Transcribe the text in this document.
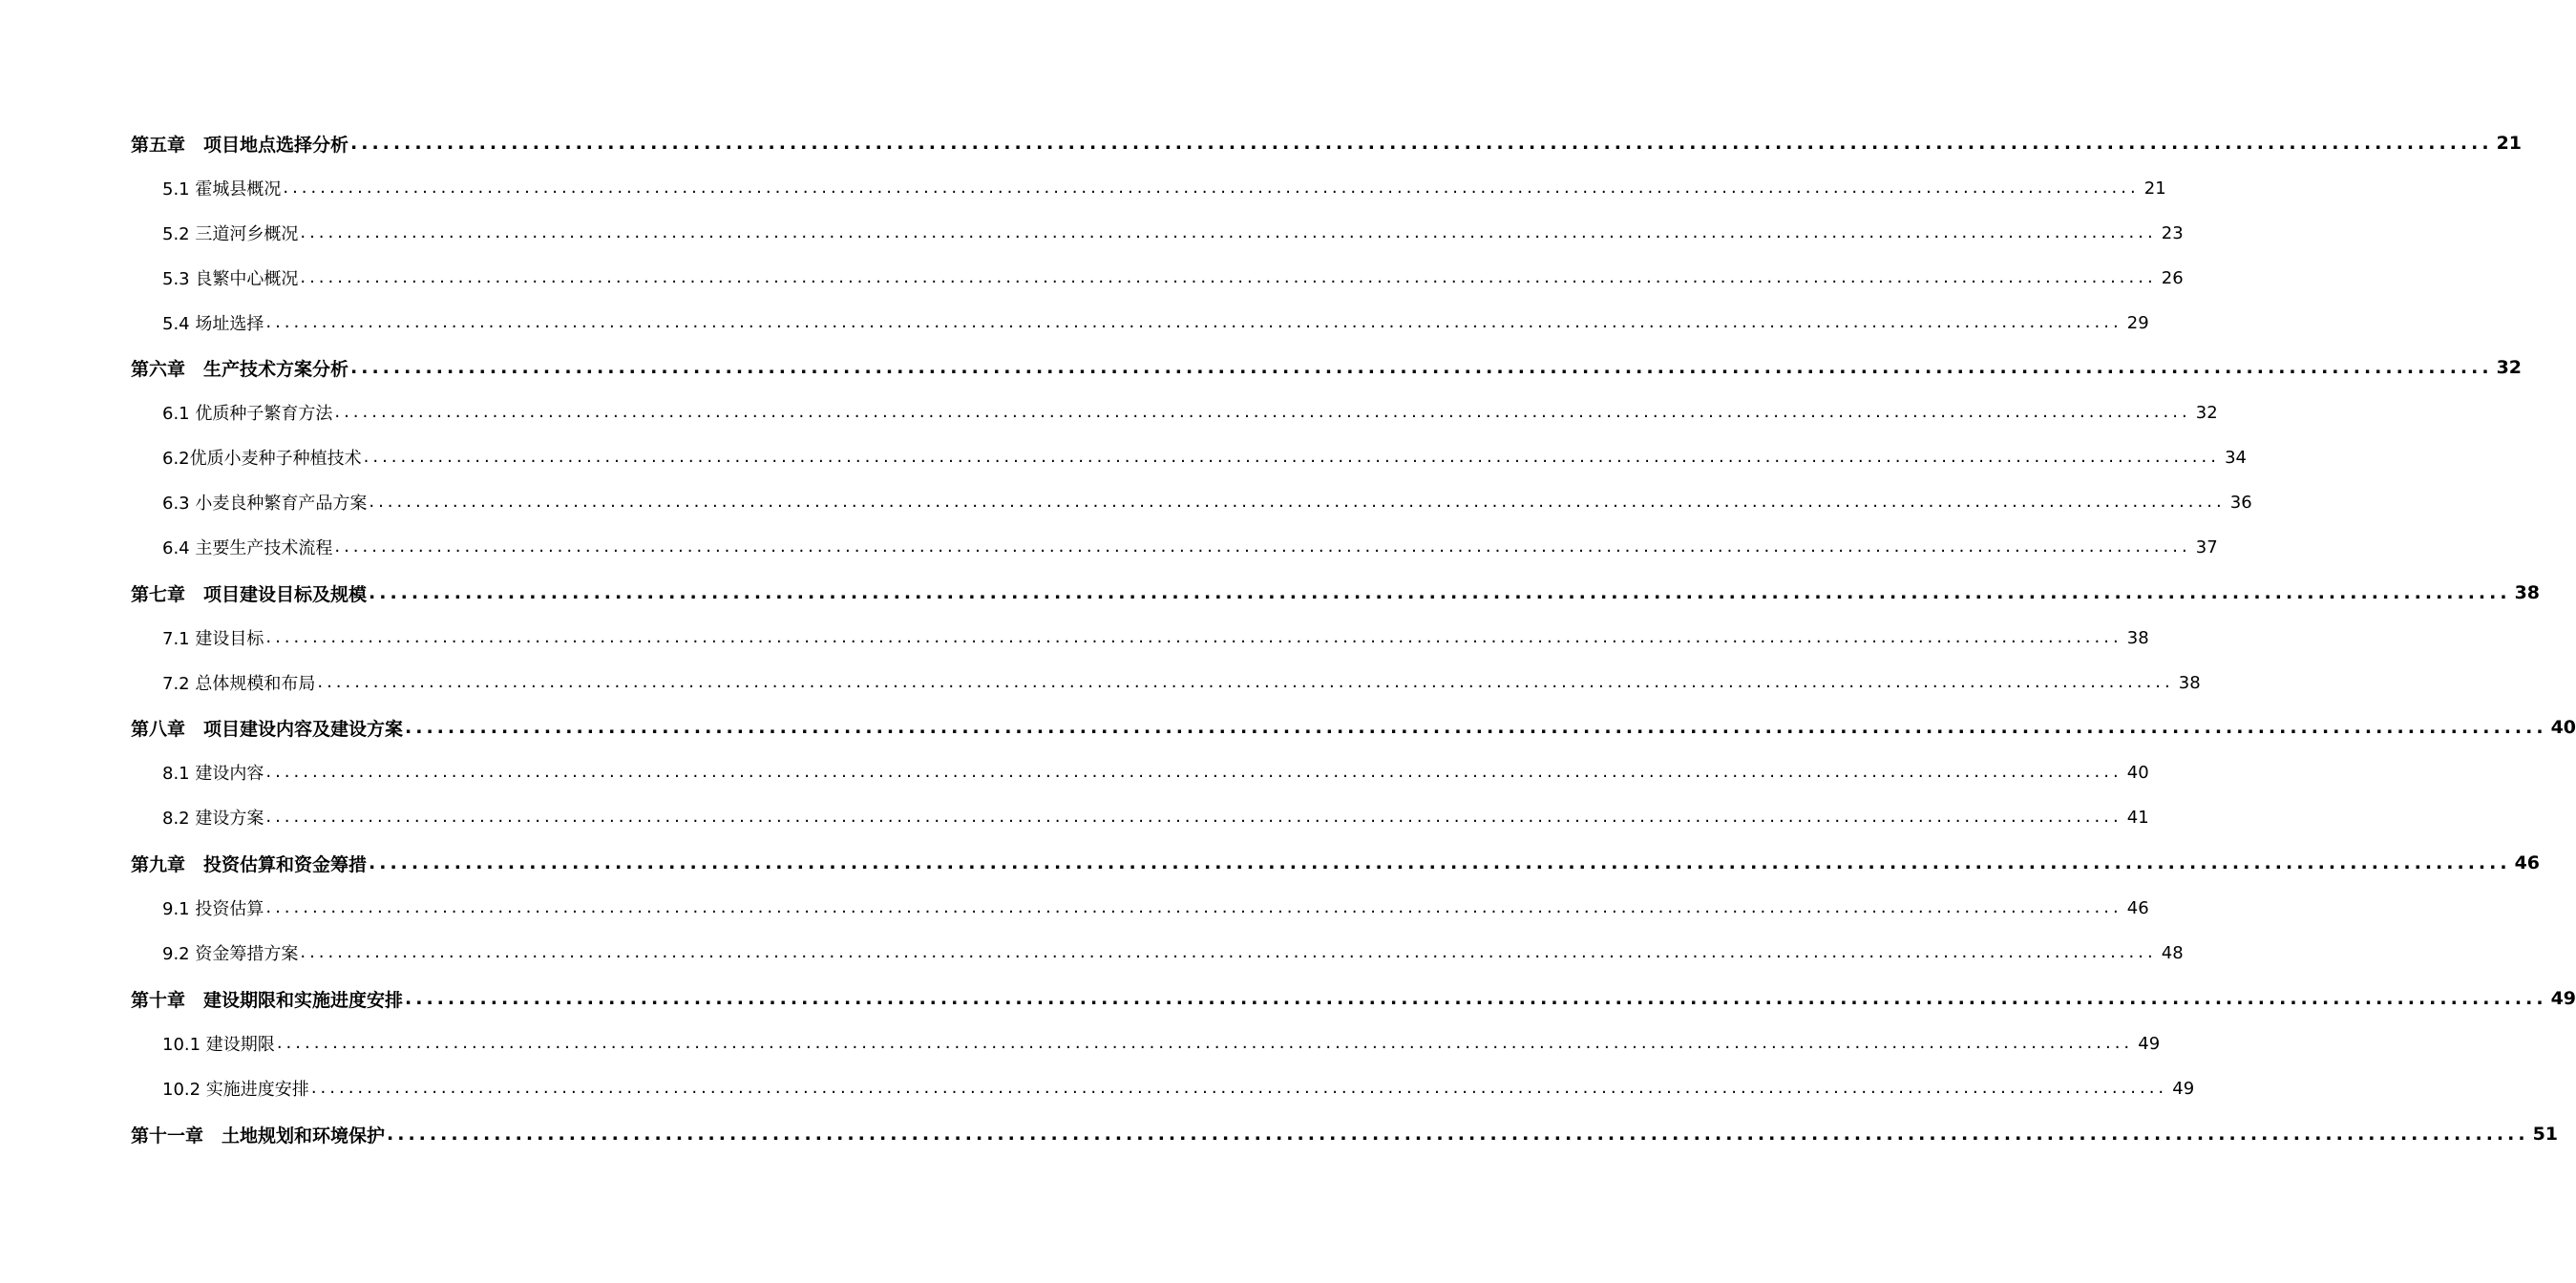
第五章　项目地点选择分析 ........................................................................................................................................................................................................ 21
5.1 霍城县概况 ........................................................................................................................................................................................................ 21
5.2 三道河乡概况 ........................................................................................................................................................................................................ 23
5.3 良繁中心概况 ........................................................................................................................................................................................................ 26
5.4 场址选择 ........................................................................................................................................................................................................ 29
第六章　生产技术方案分析 ........................................................................................................................................................................................................ 32
6.1 优质种子繁育方法 ........................................................................................................................................................................................................ 32
6.2优质小麦种子种植技术 ........................................................................................................................................................................................................ 34
6.3 小麦良种繁育产品方案 ........................................................................................................................................................................................................ 36
6.4 主要生产技术流程 ........................................................................................................................................................................................................ 37
第七章　项目建设目标及规模 ........................................................................................................................................................................................................ 38
7.1 建设目标 ........................................................................................................................................................................................................ 38
7.2 总体规模和布局 ........................................................................................................................................................................................................ 38
第八章　项目建设内容及建设方案 ........................................................................................................................................................................................................ 40
8.1 建设内容 ........................................................................................................................................................................................................ 40
8.2 建设方案 ........................................................................................................................................................................................................ 41
第九章　投资估算和资金筹措 ........................................................................................................................................................................................................ 46
9.1 投资估算 ........................................................................................................................................................................................................ 46
9.2 资金筹措方案 ........................................................................................................................................................................................................ 48
第十章　建设期限和实施进度安排 ........................................................................................................................................................................................................ 49
10.1 建设期限 ........................................................................................................................................................................................................ 49
10.2 实施进度安排 ........................................................................................................................................................................................................ 49
第十一章　土地规划和环境保护 ........................................................................................................................................................................................................ 51
